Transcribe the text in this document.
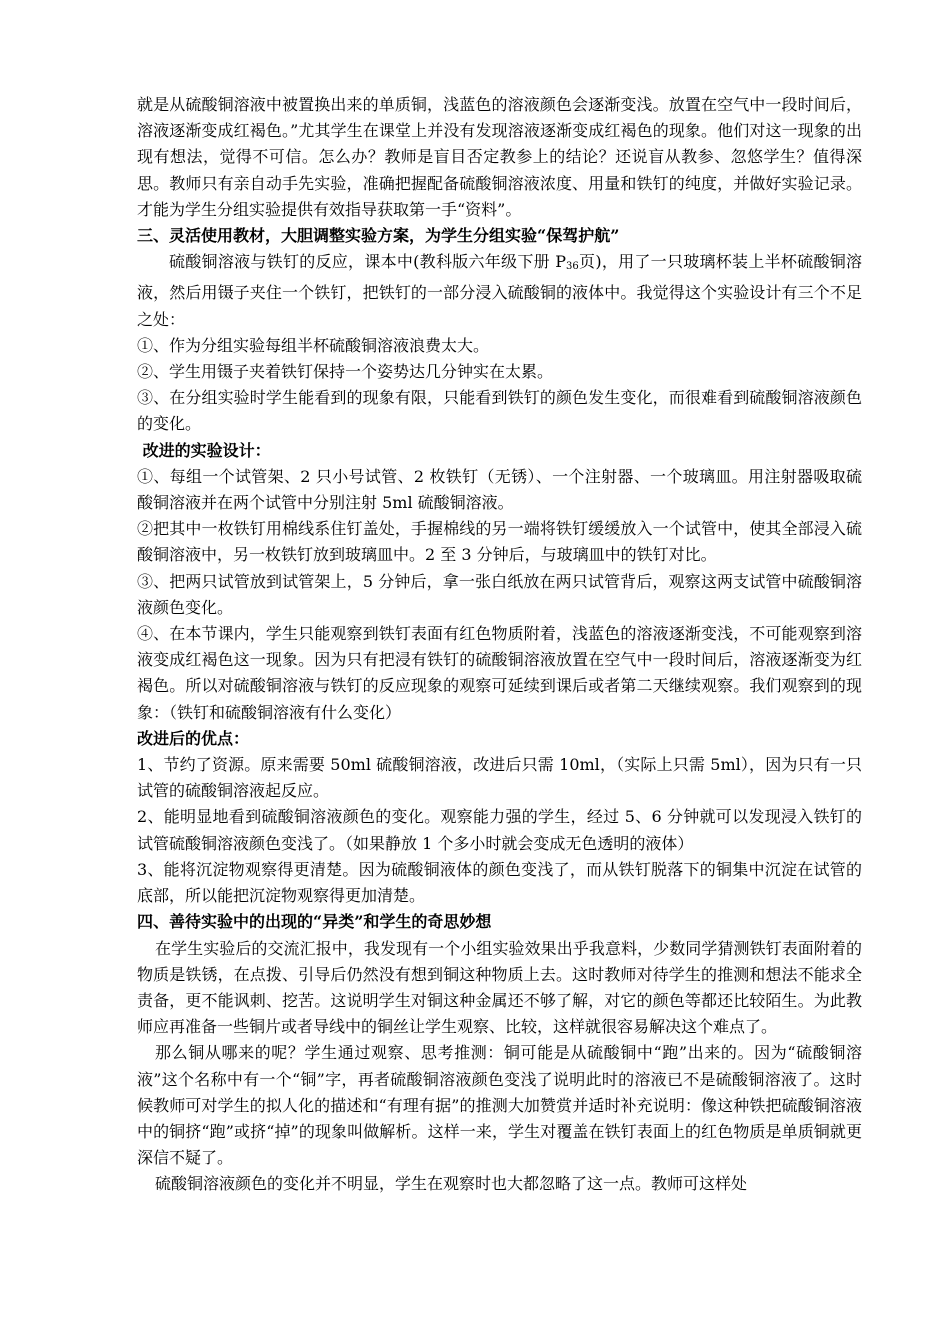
就是从硫酸铜溶液中被置换出来的单质铜，浅蓝色的溶液颜色会逐渐变浅。放置在空气中一段时间后，溶液逐渐变成红褐色。”尤其学生在课堂上并没有发现溶液逐渐变成红褐色的现象。他们对这一现象的出现有想法，觉得不可信。怎么办？教师是盲目否定教参上的结论？还说盲从教参、忽悠学生？值得深思。教师只有亲自动手先实验，准确把握配备硫酸铜溶液浓度、用量和铁钉的纯度，并做好实验记录。才能为学生分组实验提供有效指导获取第一手“资料”。

三、灵活使用教材，大胆调整实验方案，为学生分组实验“保驾护航”

硫酸铜溶液与铁钉的反应，课本中(教科版六年级下册 $P_{36}$页)，用了一只玻璃杯装上半杯硫酸铜溶液，然后用镊子夹住一个铁钉，把铁钉的一部分浸入硫酸铜的液体中。我觉得这个实验设计有三个不足之处：

①、作为分组实验每组半杯硫酸铜溶液浪费太大。

②、学生用镊子夹着铁钉保持一个姿势达几分钟实在太累。

③、在分组实验时学生能看到的现象有限，只能看到铁钉的颜色发生变化，而很难看到硫酸铜溶液颜色的变化。

改进的实验设计：

①、每组一个试管架、2 只小号试管、2 枚铁钉（无锈）、一个注射器、一个玻璃皿。用注射器吸取硫酸铜溶液并在两个试管中分别注射 5ml 硫酸铜溶液。

②把其中一枚铁钉用棉线系住钉盖处，手握棉线的另一端将铁钉缓缓放入一个试管中，使其全部浸入硫酸铜溶液中，另一枚铁钉放到玻璃皿中。2 至 3 分钟后，与玻璃皿中的铁钉对比。

③、把两只试管放到试管架上，5 分钟后，拿一张白纸放在两只试管背后，观察这两支试管中硫酸铜溶液颜色变化。

④、在本节课内，学生只能观察到铁钉表面有红色物质附着，浅蓝色的溶液逐渐变浅，不可能观察到溶液变成红褐色这一现象。因为只有把浸有铁钉的硫酸铜溶液放置在空气中一段时间后，溶液逐渐变为红褐色。所以对硫酸铜溶液与铁钉的反应现象的观察可延续到课后或者第二天继续观察。我们观察到的现象：（铁钉和硫酸铜溶液有什么变化）

改进后的优点：

1、节约了资源。原来需要 50ml 硫酸铜溶液，改进后只需 10ml，（实际上只需 5ml），因为只有一只试管的硫酸铜溶液起反应。

2、能明显地看到硫酸铜溶液颜色的变化。观察能力强的学生，经过 5、6 分钟就可以发现浸入铁钉的试管硫酸铜溶液颜色变浅了。（如果静放 1 个多小时就会变成无色透明的液体）

3、能将沉淀物观察得更清楚。因为硫酸铜液体的颜色变浅了，而从铁钉脱落下的铜集中沉淀在试管的底部，所以能把沉淀物观察得更加清楚。

四、善待实验中的出现的“异类”和学生的奇思妙想

在学生实验后的交流汇报中，我发现有一个小组实验效果出乎我意料，少数同学猜测铁钉表面附着的物质是铁锈，在点拨、引导后仍然没有想到铜这种物质上去。这时教师对待学生的推测和想法不能求全责备，更不能讽刺、挖苦。这说明学生对铜这种金属还不够了解，对它的颜色等都还比较陌生。为此教师应再准备一些铜片或者导线中的铜丝让学生观察、比较，这样就很容易解决这个难点了。

那么铜从哪来的呢？学生通过观察、思考推测：铜可能是从硫酸铜中“跑”出来的。因为“硫酸铜溶液”这个名称中有一个“铜”字，再者硫酸铜溶液颜色变浅了说明此时的溶液已不是硫酸铜溶液了。这时候教师可对学生的拟人化的描述和“有理有据”的推测大加赞赏并适时补充说明：像这种铁把硫酸铜溶液中的铜挤“跑”或挤“掉”的现象叫做解析。这样一来，学生对覆盖在铁钉表面上的红色物质是单质铜就更深信不疑了。

硫酸铜溶液颜色的变化并不明显，学生在观察时也大都忽略了这一点。教师可这样处
